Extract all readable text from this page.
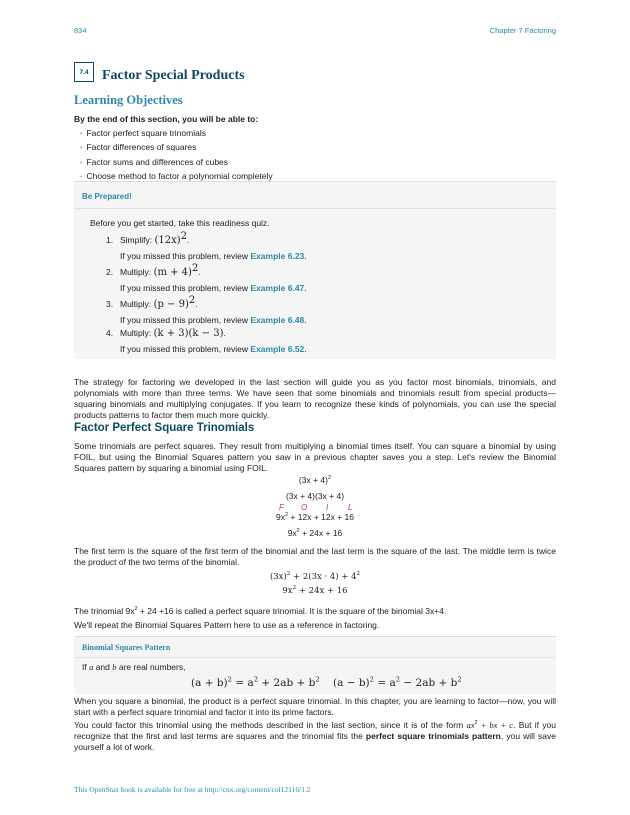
834	Chapter 7 Factoring
7.4 Factor Special Products
Learning Objectives
By the end of this section, you will be able to:
• Factor perfect square trinomials
• Factor differences of squares
• Factor sums and differences of cubes
• Choose method to factor a polynomial completely
Be Prepared!
Before you get started, take this readiness quiz.
1. Simplify: $(12x)^2$.
If you missed this problem, review Example 6.23.
2. Multiply: $(m + 4)^2$.
If you missed this problem, review Example 6.47.
3. Multiply: $(p - 9)^2$.
If you missed this problem, review Example 6.48.
4. Multiply: (k + 3)(k − 3).
If you missed this problem, review Example 6.52.
The strategy for factoring we developed in the last section will guide you as you factor most binomials, trinomials, and polynomials with more than three terms. We have seen that some binomials and trinomials result from special products—squaring binomials and multiplying conjugates. If you learn to recognize these kinds of polynomials, you can use the special products patterns to factor them much more quickly.
Factor Perfect Square Trinomials
Some trinomials are perfect squares. They result from multiplying a binomial times itself. You can square a binomial by using FOIL, but using the Binomial Squares pattern you saw in a previous chapter saves you a step. Let's review the Binomial Squares pattern by squaring a binomial using FOIL.
$(3x + 4)^2$
(3x + 4)(3x + 4)
F O I L
$9x^2 + 12x + 12x + 16$
$9x^2 + 24x + 16$
The first term is the square of the first term of the binomial and the last term is the square of the last. The middle term is twice the product of the two terms of the binomial.
$(3x)^2 + 2(3x \cdot 4) + 4^2$
$9x^2 + 24x + 16$
The trinomial $9x^2 + 24 +16$ is called a perfect square trinomial. It is the square of the binomial 3x+4.
We'll repeat the Binomial Squares Pattern here to use as a reference in factoring.
Binomial Squares Pattern
If a and b are real numbers,
$(a + b)^2 = a^2 + 2ab + b^2$ $(a - b)^2 = a^2 - 2ab + b^2$
When you square a binomial, the product is a perfect square trinomial. In this chapter, you are learning to factor—now, you will start with a perfect square trinomial and factor it into its prime factors.
You could factor this trinomial using the methods described in the last section, since it is of the form $ax^2$ + bx + c. But if you recognize that the first and last terms are squares and the trinomial fits the perfect square trinomials pattern, you will save yourself a lot of work.
This OpenStax book is available for free at http://cnx.org/content/col12116/1.2
